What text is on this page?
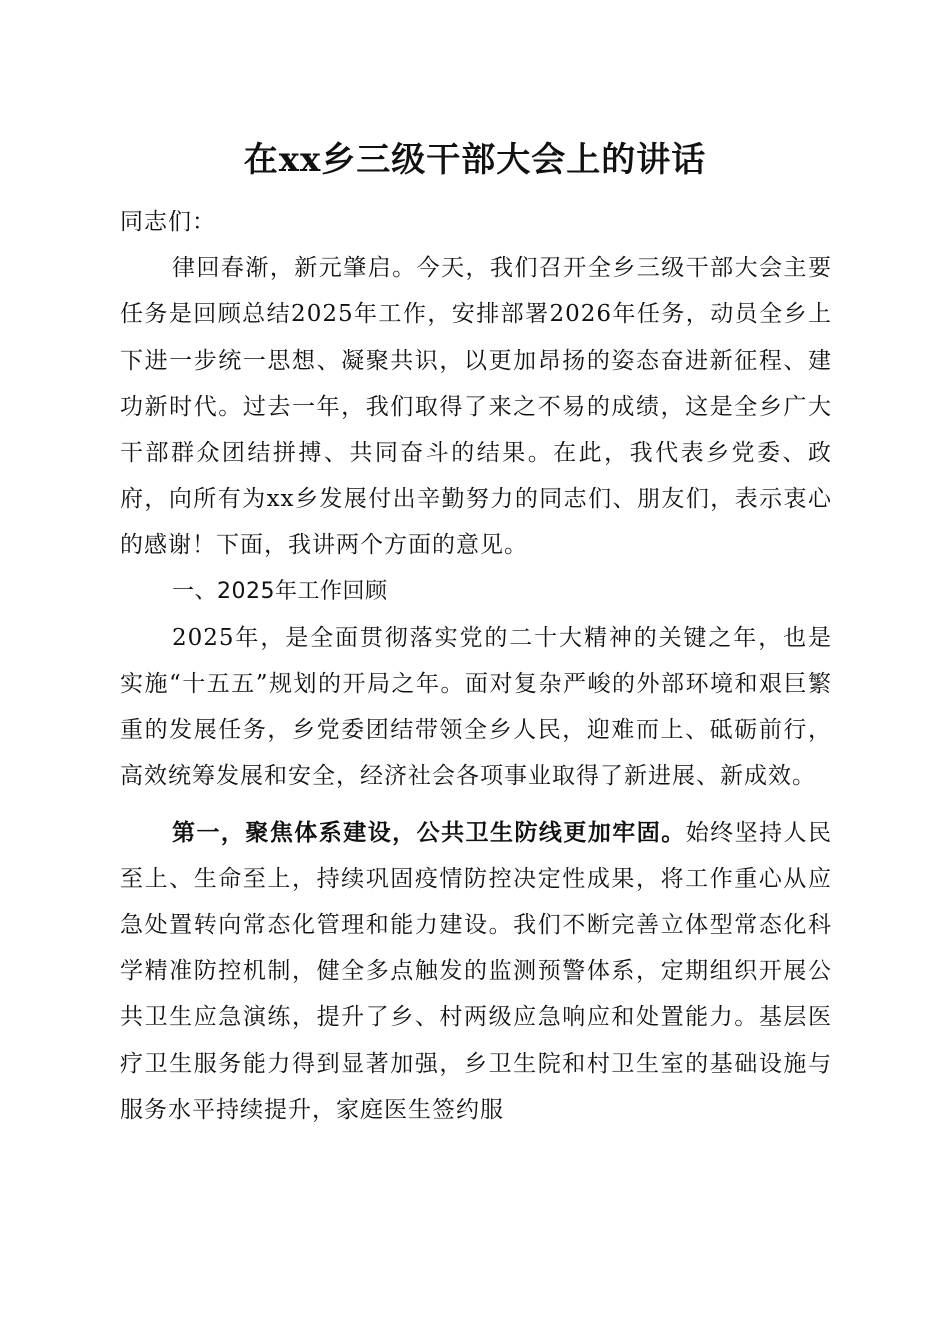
在xx乡三级干部大会上的讲话

同志们：

律回春渐，新元肇启。今天，我们召开全乡三级干部大会主要任务是回顾总结2025年工作，安排部署2026年任务，动员全乡上下进一步统一思想、凝聚共识，以更加昂扬的姿态奋进新征程、建功新时代。过去一年，我们取得了来之不易的成绩，这是全乡广大干部群众团结拼搏、共同奋斗的结果。在此，我代表乡党委、政府，向所有为xx乡发展付出辛勤努力的同志们、朋友们，表示衷心的感谢！下面，我讲两个方面的意见。

一、2025年工作回顾

2025年，是全面贯彻落实党的二十大精神的关键之年，也是实施“十五五”规划的开局之年。面对复杂严峻的外部环境和艰巨繁重的发展任务，乡党委团结带领全乡人民，迎难而上、砥砺前行，高效统筹发展和安全，经济社会各项事业取得了新进展、新成效。

第一，聚焦体系建设，公共卫生防线更加牢固。始终坚持人民至上、生命至上，持续巩固疫情防控决定性成果，将工作重心从应急处置转向常态化管理和能力建设。我们不断完善立体型常态化科学精准防控机制，健全多点触发的监测预警体系，定期组织开展公共卫生应急演练，提升了乡、村两级应急响应和处置能力。基层医疗卫生服务能力得到显著加强，乡卫生院和村卫生室的基础设施与服务水平持续提升，家庭医生签约服
